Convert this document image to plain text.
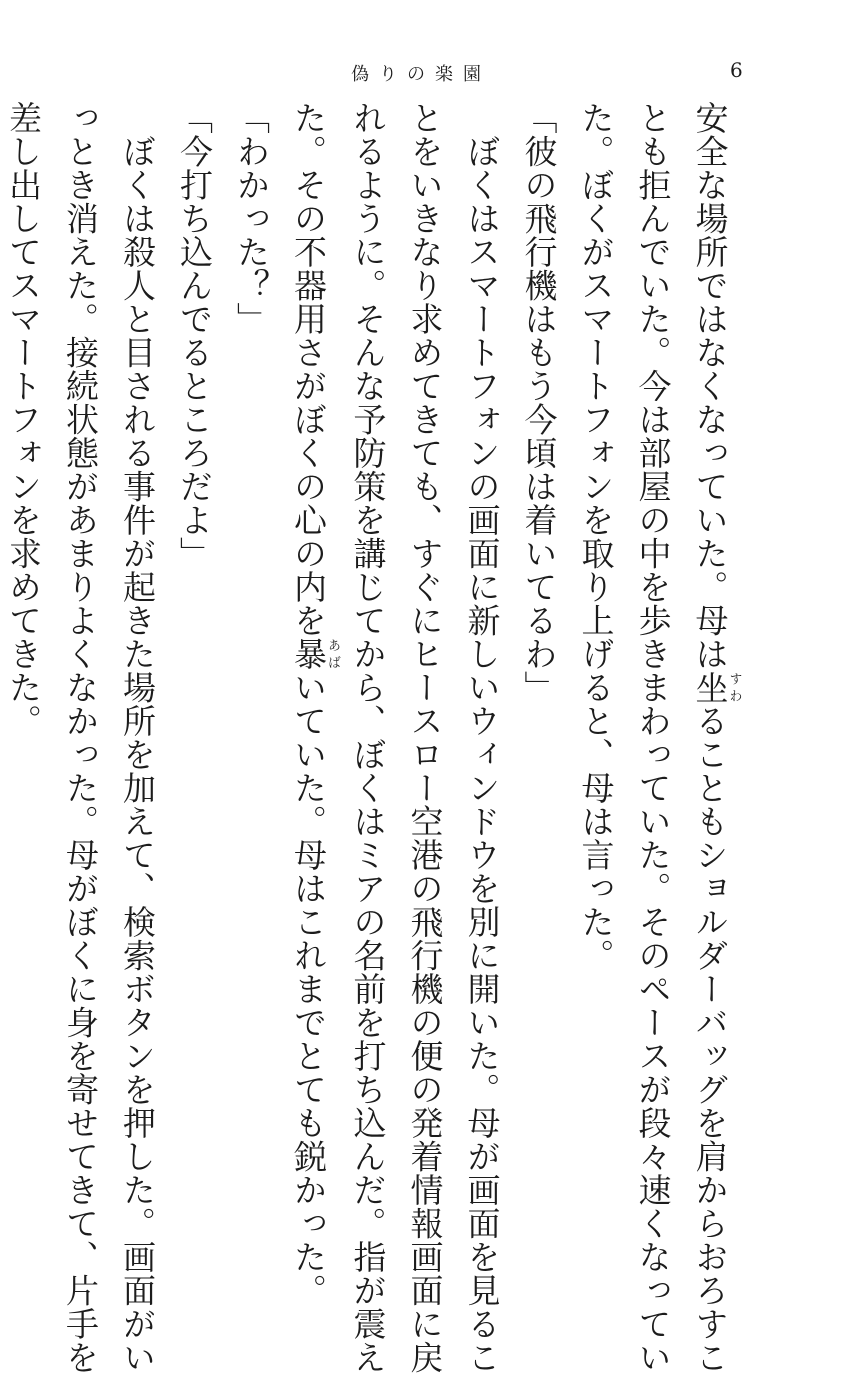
偽りの楽園	6
安全な場所ではなくなっていた。母は坐すわることもショルダーバッグを肩からおろすこ
とも拒んでいた。今は部屋の中を歩きまわっていた。そのペースが段々速くなってい
た。ぼくがスマートフォンを取り上げると、母は言った。
「彼の飛行機はもう今頃は着いてるわ」
　ぼくはスマートフォンの画面に新しいウィンドウを別に開いた。母が画面を見るこ
とをいきなり求めてきても、すぐにヒースロー空港の飛行機の便の発着情報画面に戻
れるように。そんな予防策を講じてから、ぼくはミアの名前を打ち込んだ。指が震え
た。その不器用さがぼくの心の内を暴あばいていた。母はこれまでとても鋭かった。
「わかった？」
「今打ち込んでるところだよ」
　ぼくは殺人と目される事件が起きた場所を加えて、検索ボタンを押した。画面がい
っとき消えた。接続状態があまりよくなかった。母がぼくに身を寄せてきて、片手を
差し出してスマートフォンを求めてきた。
